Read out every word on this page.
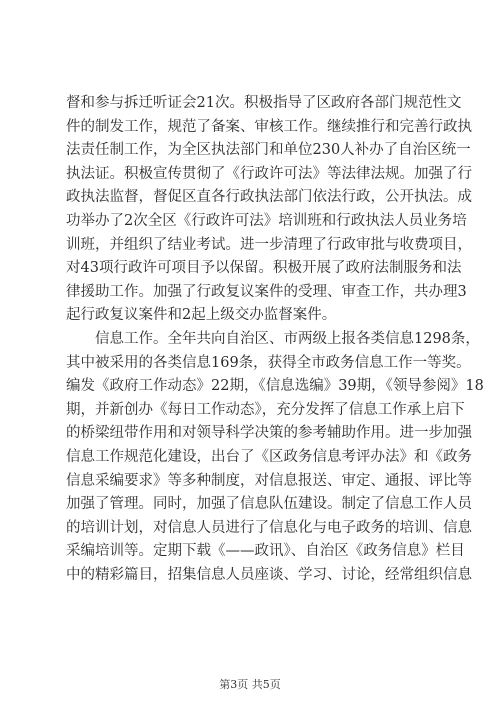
督和参与拆迁听证会21次。积极指导了区政府各部门规范性文
件的制发工作，规范了备案、审核工作。继续推行和完善行政执
法责任制工作，为全区执法部门和单位230人补办了自治区统一
执法证。积极宣传贯彻了《行政许可法》等法律法规。加强了行
政执法监督，督促区直各行政执法部门依法行政，公开执法。成
功举办了2次全区《行政许可法》培训班和行政执法人员业务培
训班，并组织了结业考试。进一步清理了行政审批与收费项目，
对43项行政许可项目予以保留。积极开展了政府法制服务和法
律援助工作。加强了行政复议案件的受理、审查工作，共办理3
起行政复议案件和2起上级交办监督案件。
信息工作。全年共向自治区、市两级上报各类信息1298条，
其中被采用的各类信息169条，获得全市政务信息工作一等奖。
编发《政府工作动态》22期，《信息选编》39期，《领导参阅》18
期，并新创办《每日工作动态》，充分发挥了信息工作承上启下
的桥梁纽带作用和对领导科学决策的参考辅助作用。进一步加强
信息工作规范化建设，出台了《区政务信息考评办法》和《政务
信息采编要求》等多种制度，对信息报送、审定、通报、评比等
加强了管理。同时，加强了信息队伍建设。制定了信息工作人员
的培训计划，对信息人员进行了信息化与电子政务的培训、信息
采编培训等。定期下载《——政讯》、自治区《政务信息》栏目
中的精彩篇目，招集信息人员座谈、学习、讨论，经常组织信息
第3页 共5页
